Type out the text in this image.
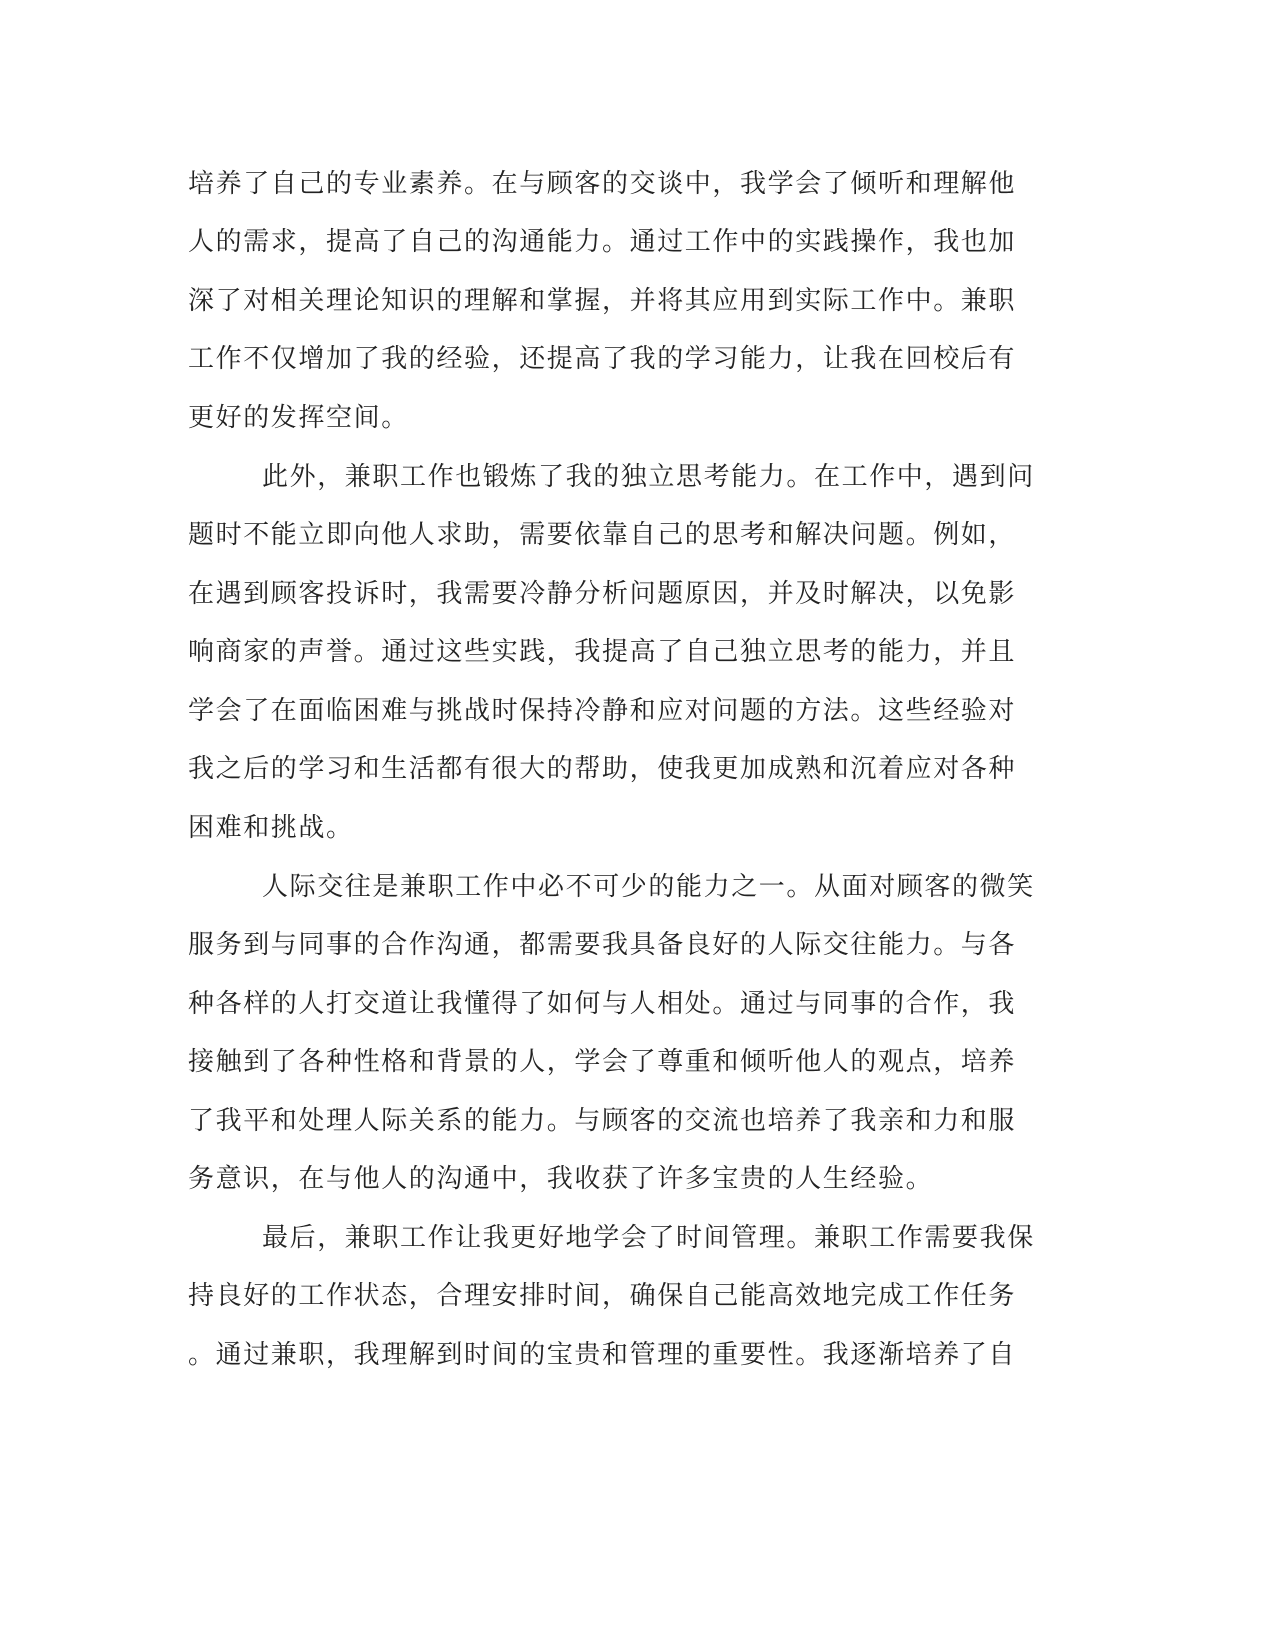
培养了自己的专业素养。在与顾客的交谈中，我学会了倾听和理解他
人的需求，提高了自己的沟通能力。通过工作中的实践操作，我也加
深了对相关理论知识的理解和掌握，并将其应用到实际工作中。兼职
工作不仅增加了我的经验，还提高了我的学习能力，让我在回校后有
更好的发挥空间。
此外，兼职工作也锻炼了我的独立思考能力。在工作中，遇到问
题时不能立即向他人求助，需要依靠自己的思考和解决问题。例如，
在遇到顾客投诉时，我需要冷静分析问题原因，并及时解决，以免影
响商家的声誉。通过这些实践，我提高了自己独立思考的能力，并且
学会了在面临困难与挑战时保持冷静和应对问题的方法。这些经验对
我之后的学习和生活都有很大的帮助，使我更加成熟和沉着应对各种
困难和挑战。
人际交往是兼职工作中必不可少的能力之一。从面对顾客的微笑
服务到与同事的合作沟通，都需要我具备良好的人际交往能力。与各
种各样的人打交道让我懂得了如何与人相处。通过与同事的合作，我
接触到了各种性格和背景的人，学会了尊重和倾听他人的观点，培养
了我平和处理人际关系的能力。与顾客的交流也培养了我亲和力和服
务意识，在与他人的沟通中，我收获了许多宝贵的人生经验。
最后，兼职工作让我更好地学会了时间管理。兼职工作需要我保
持良好的工作状态，合理安排时间，确保自己能高效地完成工作任务
。通过兼职，我理解到时间的宝贵和管理的重要性。我逐渐培养了自
